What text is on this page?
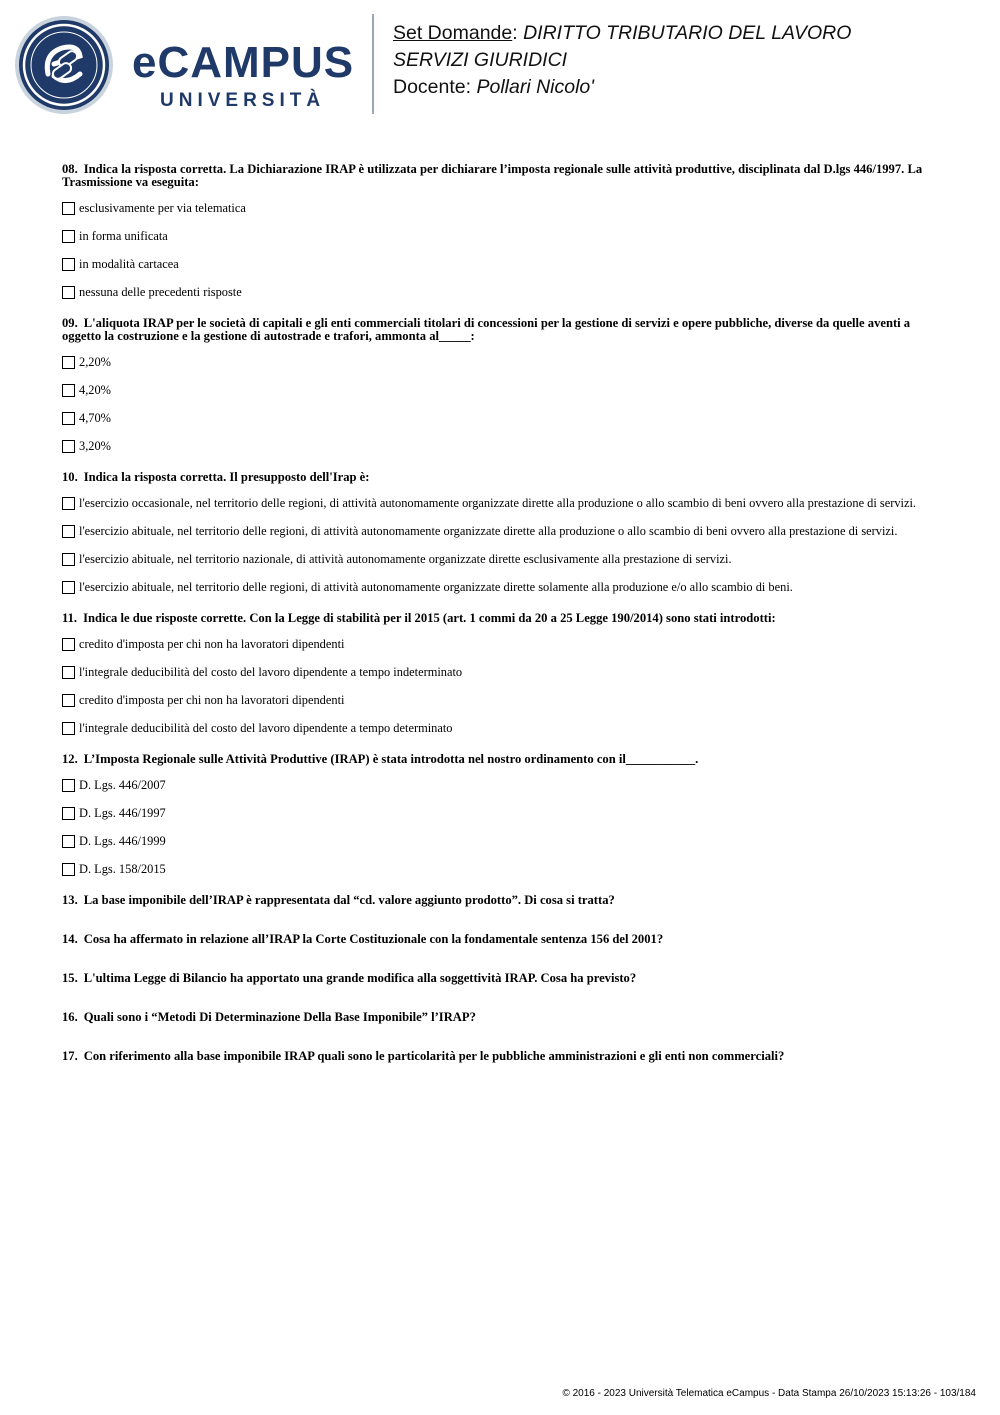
eCAMPUS
UNIVERSITÀ
Set Domande: DIRITTO TRIBUTARIO DEL LAVORO
SERVIZI GIURIDICI
Docente: Pollari Nicolo'
08. Indica la risposta corretta. La Dichiarazione IRAP è utilizzata per dichiarare l’imposta regionale sulle attività produttive, disciplinata dal D.lgs 446/1997. La Trasmissione va eseguita:
esclusivamente per via telematica
in forma unificata
in modalità cartacea
nessuna delle precedenti risposte
09. L'aliquota IRAP per le società di capitali e gli enti commerciali titolari di concessioni per la gestione di servizi e opere pubbliche, diverse da quelle aventi a oggetto la costruzione e la gestione di autostrade e trafori, ammonta al_____:
2,20%
4,20%
4,70%
3,20%
10. Indica la risposta corretta. Il presupposto dell'Irap è:
l'esercizio occasionale, nel territorio delle regioni, di attività autonomamente organizzate dirette alla produzione o allo scambio di beni ovvero alla prestazione di servizi.
l'esercizio abituale, nel territorio delle regioni, di attività autonomamente organizzate dirette alla produzione o allo scambio di beni ovvero alla prestazione di servizi.
l'esercizio abituale, nel territorio nazionale, di attività autonomamente organizzate dirette esclusivamente alla prestazione di servizi.
l'esercizio abituale, nel territorio delle regioni, di attività autonomamente organizzate dirette solamente alla produzione e/o allo scambio di beni.
11. Indica le due risposte corrette. Con la Legge di stabilità per il 2015 (art. 1 commi da 20 a 25 Legge 190/2014) sono stati introdotti:
credito d'imposta per chi non ha lavoratori dipendenti
l'integrale deducibilità del costo del lavoro dipendente a tempo indeterminato
credito d'imposta per chi non ha lavoratori dipendenti
l'integrale deducibilità del costo del lavoro dipendente a tempo determinato
12. L’Imposta Regionale sulle Attività Produttive (IRAP) è stata introdotta nel nostro ordinamento con il___________.
D. Lgs. 446/2007
D. Lgs. 446/1997
D. Lgs. 446/1999
D. Lgs. 158/2015
13. La base imponibile dell’IRAP è rappresentata dal “cd. valore aggiunto prodotto”. Di cosa si tratta?
14. Cosa ha affermato in relazione all’IRAP la Corte Costituzionale con la fondamentale sentenza 156 del 2001?
15. L'ultima Legge di Bilancio ha apportato una grande modifica alla soggettività IRAP. Cosa ha previsto?
16. Quali sono i “Metodi Di Determinazione Della Base Imponibile” l’IRAP?
17. Con riferimento alla base imponibile IRAP quali sono le particolarità per le pubbliche amministrazioni e gli enti non commerciali?
© 2016 - 2023 Università Telematica eCampus - Data Stampa 26/10/2023 15:13:26 - 103/184
